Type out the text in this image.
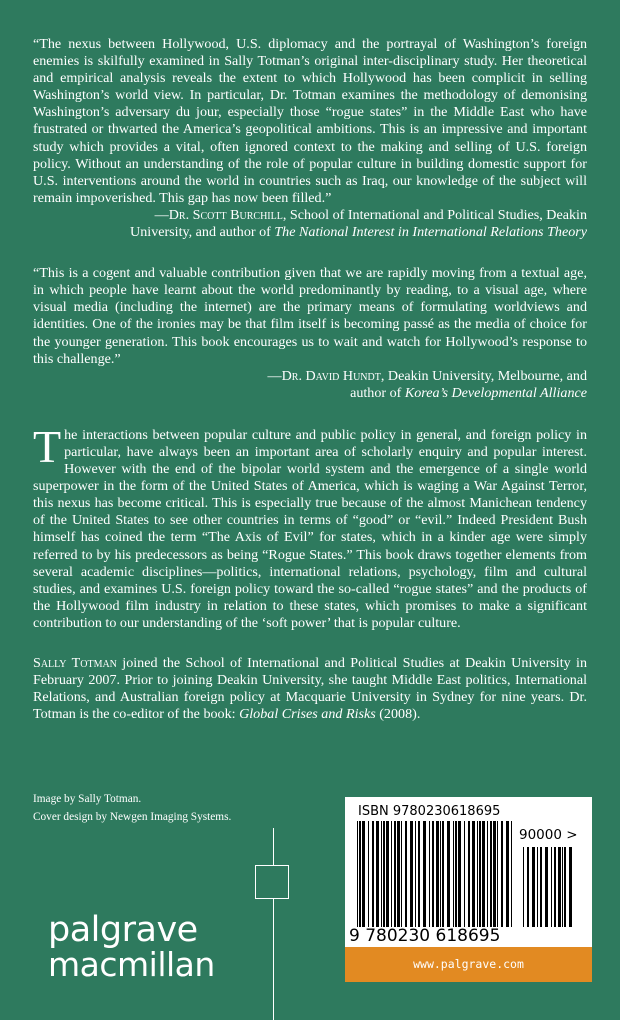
“The nexus between Hollywood, U.S. diplomacy and the portrayal of Washington’s foreign enemies is skilfully examined in Sally Totman’s original inter-disciplinary study. Her theoretical and empirical analysis reveals the extent to which Hollywood has been complicit in selling Washington’s world view. In particular, Dr. Totman examines the methodology of demonising Washington’s adversary du jour, especially those “rogue states” in the Middle East who have frustrated or thwarted the America’s geopolitical ambitions. This is an impressive and important study which provides a vital, often ignored context to the making and selling of U.S. foreign policy. Without an understanding of the role of popular culture in building domestic support for U.S. interventions around the world in countries such as Iraq, our knowledge of the subject will remain impoverished. This gap has now been filled.”

—Dr. Scott Burchill, School of International and Political Studies, Deakin
University, and author of The National Interest in International Relations Theory

“This is a cogent and valuable contribution given that we are rapidly moving from a textual age, in which people have learnt about the world predominantly by reading, to a visual age, where visual media (including the internet) are the primary means of formulating worldviews and identities. One of the ironies may be that film itself is becoming passé as the media of choice for the younger generation. This book encourages us to wait and watch for Hollywood’s response to this challenge.”

—Dr. David Hundt, Deakin University, Melbourne, and
author of Korea’s Developmental Alliance

The interactions between popular culture and public policy in general, and foreign policy in particular, have always been an important area of scholarly enquiry and popular interest. However with the end of the bipolar world system and the emergence of a single world superpower in the form of the United States of America, which is waging a War Against Terror, this nexus has become critical. This is especially true because of the almost Manichean tendency of the United States to see other countries in terms of “good” or “evil.” Indeed President Bush himself has coined the term “The Axis of Evil” for states, which in a kinder age were simply referred to by his predecessors as being “Rogue States.” This book draws together elements from several academic disciplines—politics, international relations, psychology, film and cultural studies, and examines U.S. foreign policy toward the so-called “rogue states” and the products of the Hollywood film industry in relation to these states, which promises to make a significant contribution to our understanding of the ‘soft power’ that is popular culture.

Sally Totman joined the School of International and Political Studies at Deakin University in February 2007. Prior to joining Deakin University, she taught Middle East politics, International Relations, and Australian foreign policy at Macquarie University in Sydney for nine years. Dr. Totman is the co-editor of the book: Global Crises and Risks (2008).

Image by Sally Totman.
Cover design by Newgen Imaging Systems.
palgrave
macmillan
ISBN 9780230618695
90000 >
9 780230 618695
www.palgrave.com
